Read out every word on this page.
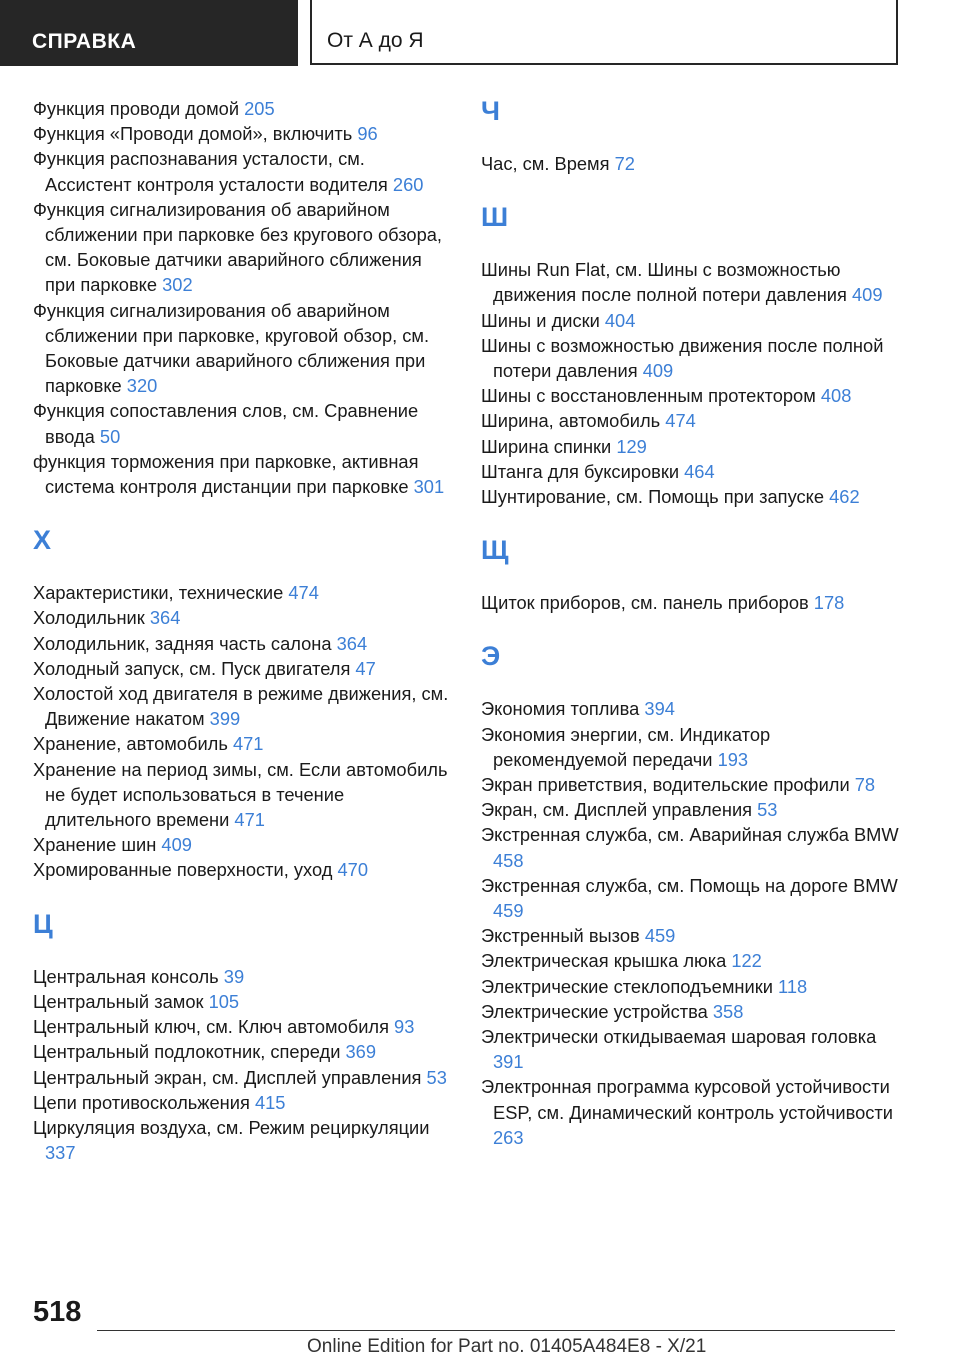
СПРАВКА	От А до Я
Функция проводи домой 205
Функция «Проводи домой», включить 96
Функция распознавания усталости, см. Ассистент контроля усталости водителя 260
Функция сигнализирования об аварийном сближении при парковке без кругового обзора, см. Боковые датчики аварийного сближения при парковке 302
Функция сигнализирования об аварийном сближении при парковке, круговой обзор, см. Боковые датчики аварийного сближения при парковке 320
Функция сопоставления слов, см. Сравнение ввода 50
функция торможения при парковке, активная система контроля дистанции при парковке 301
Х
Характеристики, технические 474
Холодильник 364
Холодильник, задняя часть салона 364
Холодный запуск, см. Пуск двигателя 47
Холостой ход двигателя в режиме движения, см. Движение накатом 399
Хранение, автомобиль 471
Хранение на период зимы, см. Если автомобиль не будет использоваться в течение длительного времени 471
Хранение шин 409
Хромированные поверхности, уход 470
Ц
Центральная консоль 39
Центральный замок 105
Центральный ключ, см. Ключ автомобиля 93
Центральный подлокотник, спереди 369
Центральный экран, см. Дисплей управления 53
Цепи противоскольжения 415
Циркуляция воздуха, см. Режим рециркуляции 337
Ч
Час, см. Время 72
Ш
Шины Run Flat, см. Шины с возможностью движения после полной потери давления 409
Шины и диски 404
Шины с возможностью движения после полной потери давления 409
Шины с восстановленным протектором 408
Ширина, автомобиль 474
Ширина спинки 129
Штанга для буксировки 464
Шунтирование, см. Помощь при запуске 462
Щ
Щиток приборов, см. панель приборов 178
Э
Экономия топлива 394
Экономия энергии, см. Индикатор рекомендуемой передачи 193
Экран приветствия, водительские профили 78
Экран, см. Дисплей управления 53
Экстренная служба, см. Аварийная служба BMW 458
Экстренная служба, см. Помощь на дороге BMW 459
Экстренный вызов 459
Электрическая крышка люка 122
Электрические стеклоподъемники 118
Электрические устройства 358
Электрически откидываемая шаровая головка 391
Электронная программа курсовой устойчивости ESP, см. Динамический контроль устойчивости 263
518
Online Edition for Part no. 01405A484E8 - X/21
